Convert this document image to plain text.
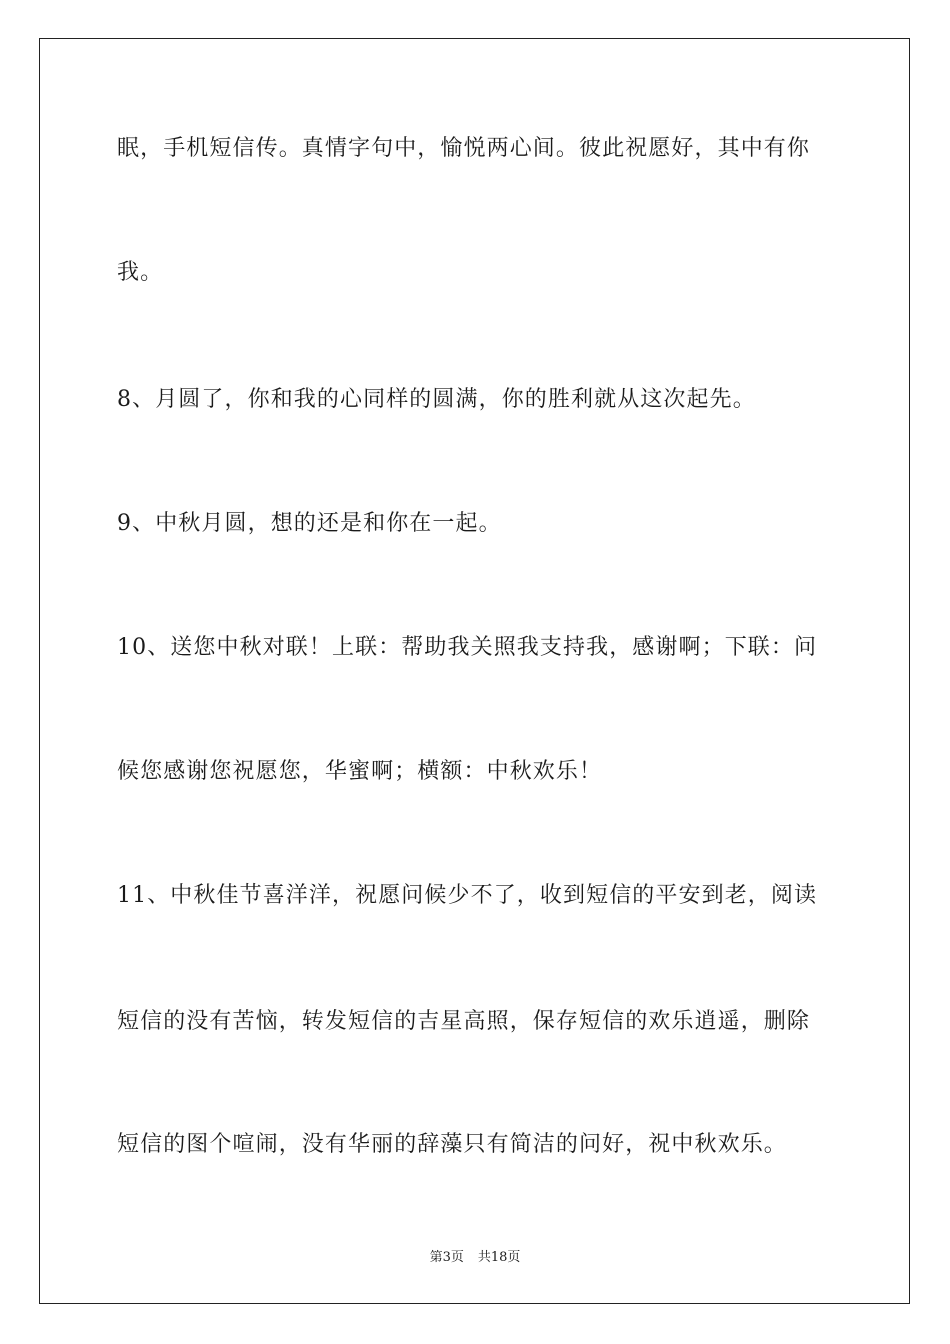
眠，手机短信传。真情字句中，愉悦两心间。彼此祝愿好，其中有你

我。

8、月圆了，你和我的心同样的圆满，你的胜利就从这次起先。

9、中秋月圆，想的还是和你在一起。

10、送您中秋对联！上联：帮助我关照我支持我，感谢啊；下联：问

候您感谢您祝愿您，华蜜啊；横额：中秋欢乐！

11、中秋佳节喜洋洋，祝愿问候少不了，收到短信的平安到老，阅读

短信的没有苦恼，转发短信的吉星高照，保存短信的欢乐逍遥，删除

短信的图个喧闹，没有华丽的辞藻只有简洁的问好，祝中秋欢乐。

第3页 共18页
